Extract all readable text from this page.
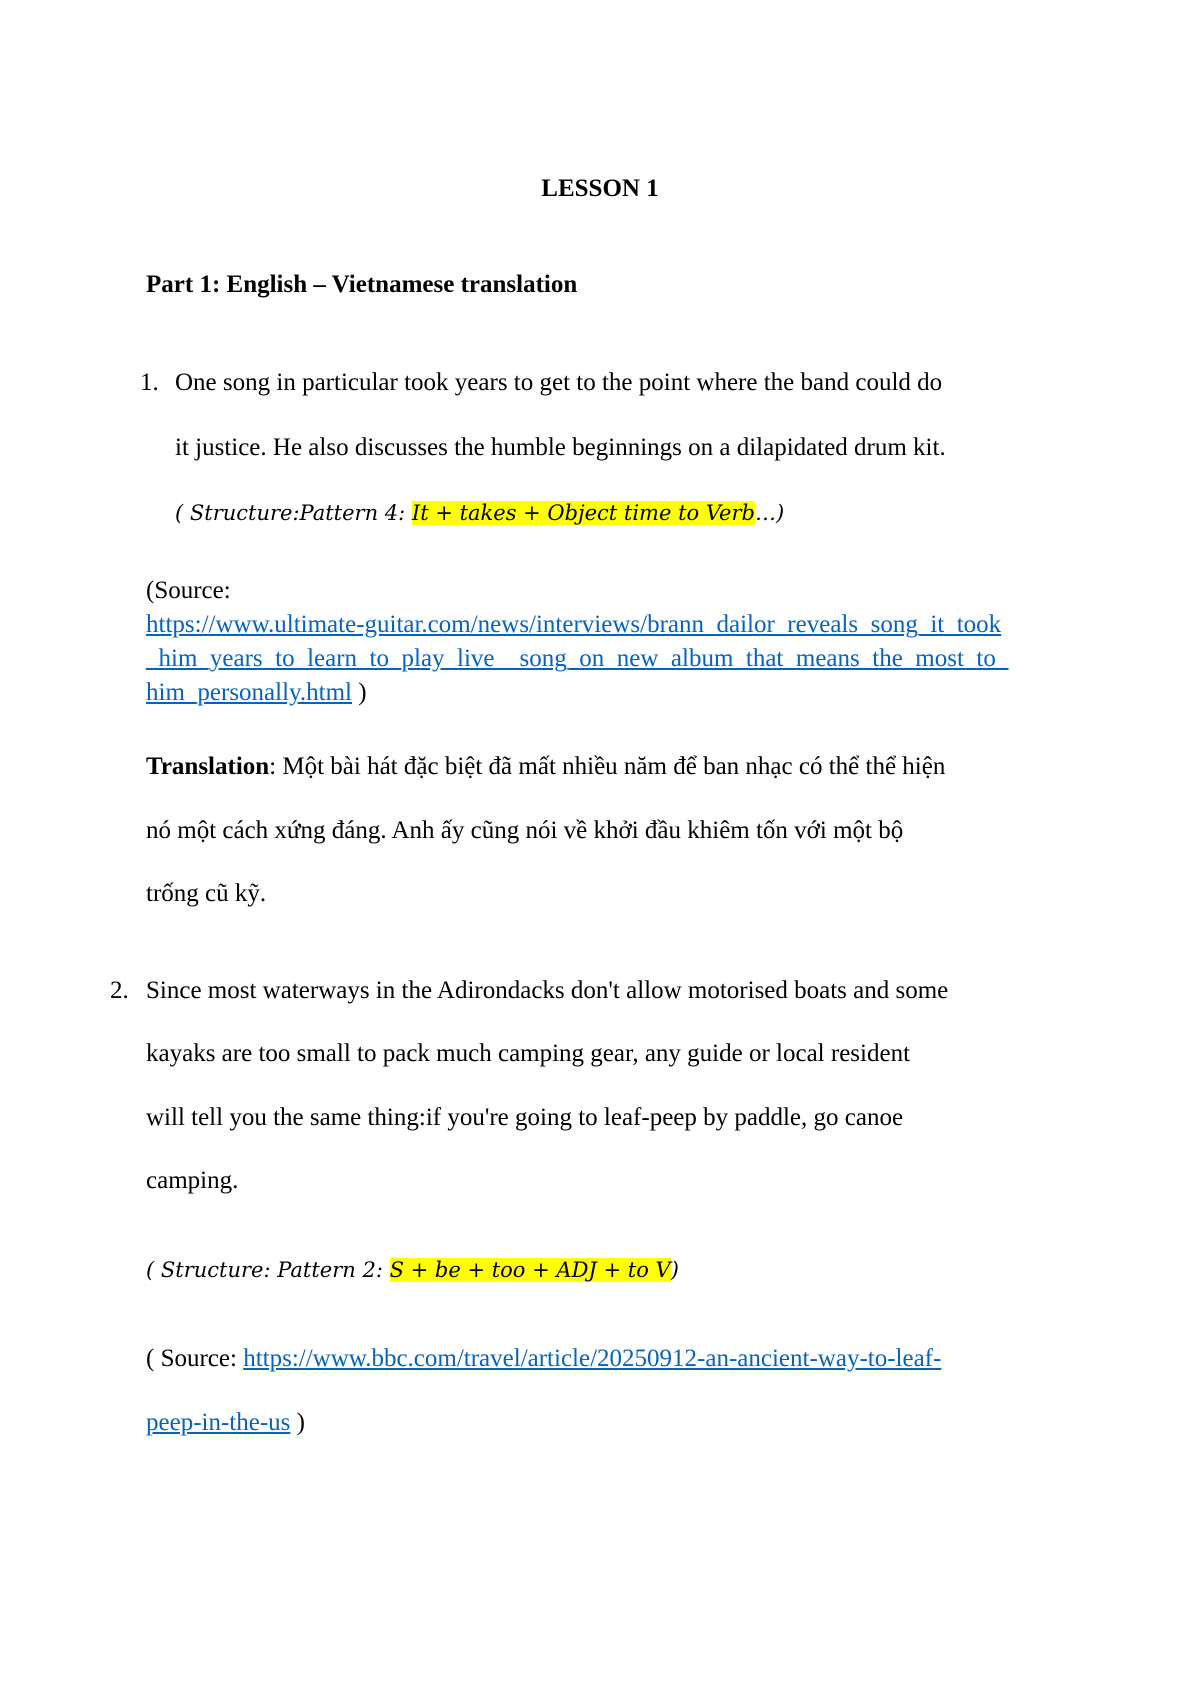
LESSON 1
Part 1: English – Vietnamese translation
1. One song in particular took years to get to the point where the band could do
it justice. He also discusses the humble beginnings on a dilapidated drum kit.
( Structure:Pattern 4: It + takes + Object time to Verb…)
(Source:
https://www.ultimate-guitar.com/news/interviews/brann_dailor_reveals_song_it_took
_him_years_to_learn_to_play_live__song_on_new_album_that_means_the_most_to_
him_personally.html )
Translation: Một bài hát đặc biệt đã mất nhiều năm để ban nhạc có thể thể hiện
nó một cách xứng đáng. Anh ấy cũng nói về khởi đầu khiêm tốn với một bộ
trống cũ kỹ.
2. Since most waterways in the Adirondacks don't allow motorised boats and some
kayaks are too small to pack much camping gear, any guide or local resident
will tell you the same thing:if you're going to leaf-peep by paddle, go canoe
camping.
( Structure: Pattern 2: S + be + too + ADJ + to V)
( Source: https://www.bbc.com/travel/article/20250912-an-ancient-way-to-leaf-
peep-in-the-us )
